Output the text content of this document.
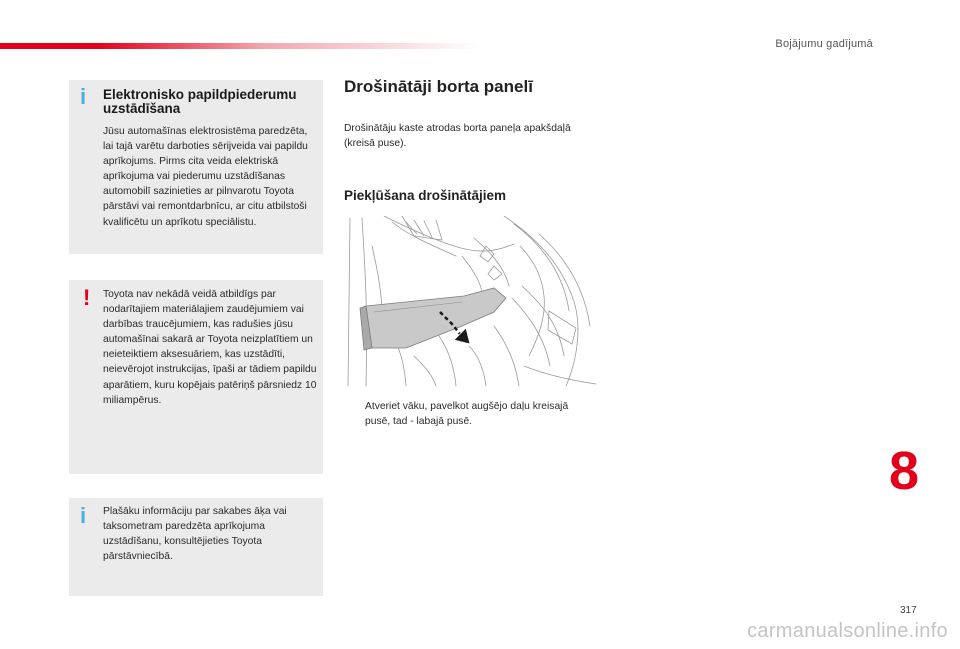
Bojājumu gadījumā
i Elektronisko papildpiederumu uzstādīšana
Jūsu automašīnas elektrosistēma paredzēta, lai tajā varētu darboties sērijveida vai papildu aprīkojums. Pirms cita veida elektriskā aprīkojuma vai piederumu uzstādīšanas automobilī sazinieties ar pilnvarotu Toyota pārstāvi vai remontdarbnīcu, ar citu atbilstoši kvalificētu un aprīkotu speciālistu.
! Toyota nav nekādā veidā atbildīgs par nodarītajiem materiālajiem zaudējumiem vai darbības traucējumiem, kas radušies jūsu automašīnai sakarā ar Toyota neizplatītiem un neieteiktiem aksesuāriem, kas uzstādīti, neievērojot instrukcijas, īpaši ar tādiem papildu aparātiem, kuru kopējais patēriņš pārsniedz 10 miliampērus.
i Plašāku informāciju par sakabes āķa vai taksometram paredzēta aprīkojuma uzstādīšanu, konsultējieties Toyota pārstāvniecībā.
Drošinātāji borta panelī
Drošinātāju kaste atrodas borta paneļa apakšdaļā (kreisā puse).
Piekļūšana drošinātājiem
Atveriet vāku, pavelkot augšējo daļu kreisajā pusē, tad - labajā pusē.
8
317
carmanualsonline.info
